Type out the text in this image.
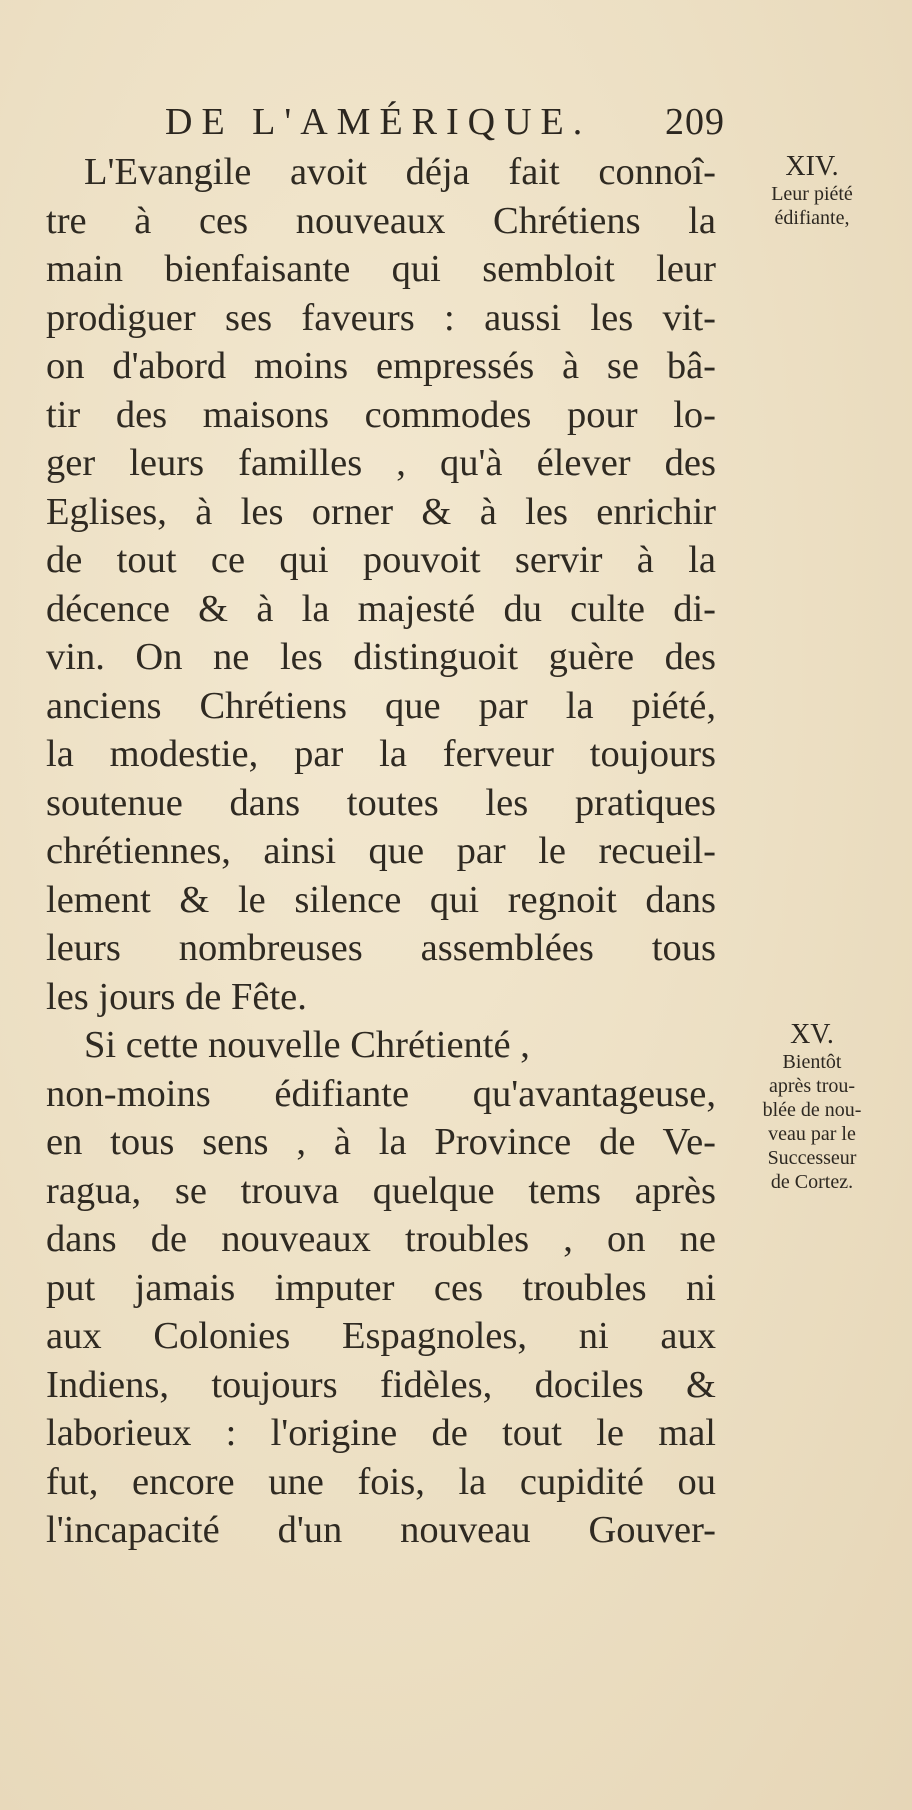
DE L'AMÉRIQUE. 209
L'Evangile avoit déja fait connoî-
tre à ces nouveaux Chrétiens la
main bienfaisante qui sembloit leur
prodiguer ses faveurs : aussi les vit-
on d'abord moins empressés à se bâ-
tir des maisons commodes pour lo-
ger leurs familles , qu'à élever des
Eglises, à les orner & à les enrichir
de tout ce qui pouvoit servir à la
décence & à la majesté du culte di-
vin. On ne les distinguoit guère des
anciens Chrétiens que par la piété,
la modestie, par la ferveur toujours
soutenue dans toutes les pratiques
chrétiennes, ainsi que par le recueil-
lement & le silence qui regnoit dans
leurs nombreuses assemblées tous
les jours de Fête.
Si cette nouvelle Chrétienté ,
non-moins édifiante qu'avantageuse,
en tous sens , à la Province de Ve-
ragua, se trouva quelque tems après
dans de nouveaux troubles , on ne
put jamais imputer ces troubles ni
aux Colonies Espagnoles, ni aux
Indiens, toujours fidèles, dociles &
laborieux : l'origine de tout le mal
fut, encore une fois, la cupidité ou
l'incapacité d'un nouveau Gouver-
XIV.
Leur piété
édifiante,
XV.
Bientôt
après trou-
blée de nou-
veau par le
Successeur
de Cortez.
